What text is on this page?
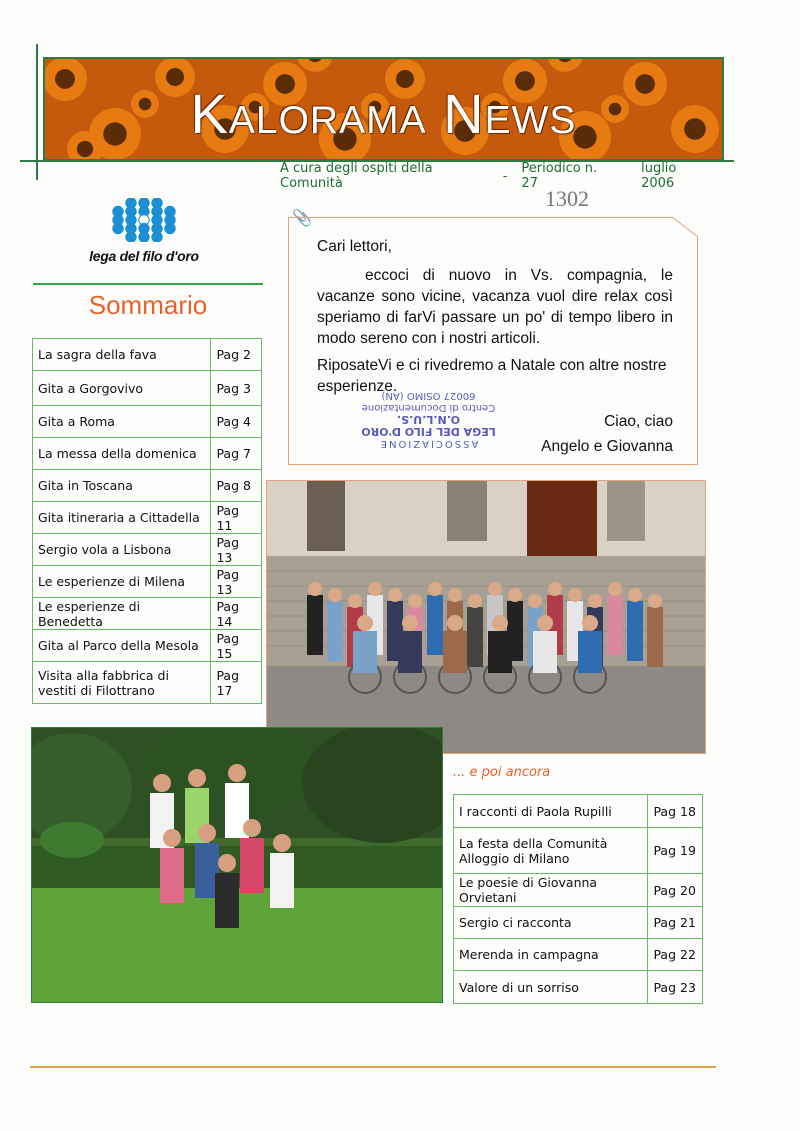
Kalorama News
A cura degli ospiti della Comunità	- Periodico n. 27
luglio 2006
1302
lega del filo d'oro
Sommario
La sagra della fava	Pag 2
Gita a Gorgovivo	Pag 3
Gita a Roma	Pag 4
La messa della domenica	Pag 7
Gita in Toscana	Pag 8
Gita itineraria a Cittadella	Pag 11
Sergio vola a Lisbona	Pag 13
Le esperienze di Milena	Pag 13
Le esperienze di Benedetta	Pag 14
Gita al Parco della Mesola	Pag 15
Visita alla fabbrica di vestiti di Filottrano	Pag 17
📎

Cari lettori,

eccoci di nuovo in Vs. compagnia, le vacanze sono vicine, vacanza vuol dire relax così speriamo di farVi passare un po' di tempo libero in modo sereno con i nostri articoli.

RiposateVi e ci rivedremo a Natale con altre nostre esperienze.

Ciao, ciao

Angelo e Giovanna

ASSOCIAZIONE
LEGA DEL FILO D'ORO O.N.L.U.S.
Centro di Documentazione
60027 OSIMO (AN)
... e poi ancora
I racconti di Paola Rupilli	Pag 18
La festa della Comunità Alloggio di Milano	Pag 19
Le poesie di Giovanna Orvietani	Pag 20
Sergio ci racconta	Pag 21
Merenda in campagna	Pag 22
Valore di un sorriso	Pag 23
